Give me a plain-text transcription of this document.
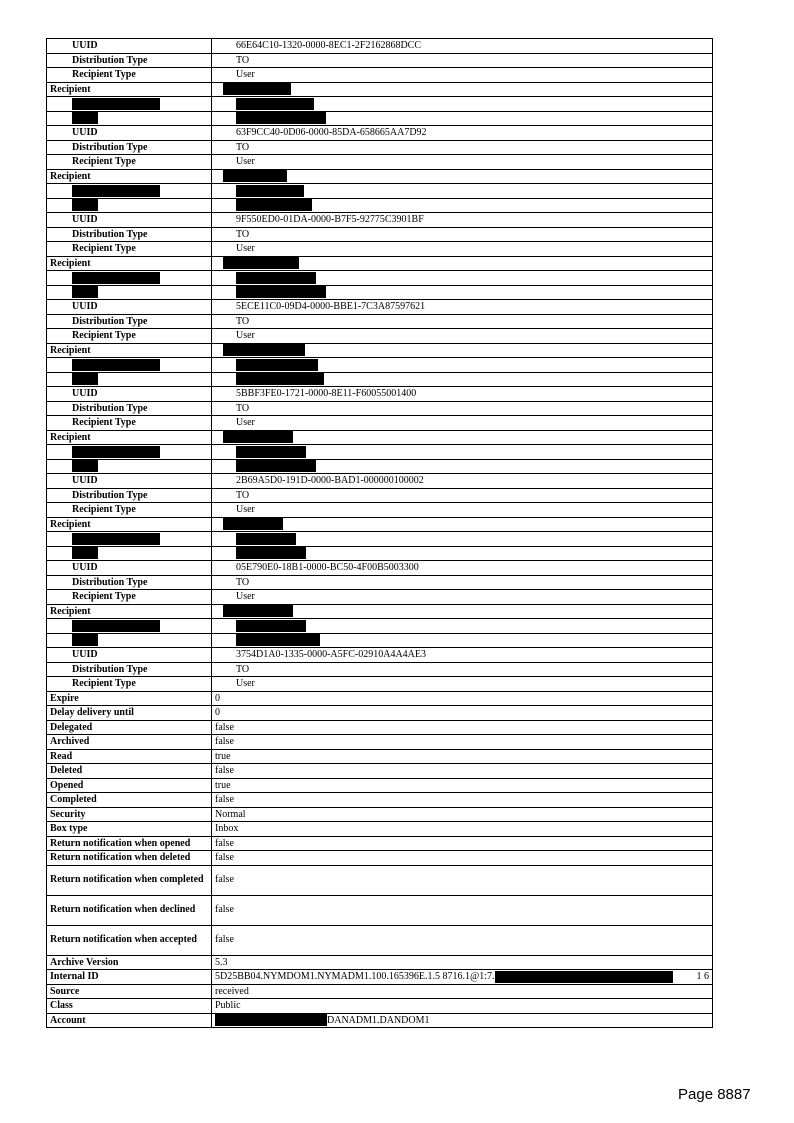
UUID	66E64C10-1320-0000-8EC1-2F2162868DCC
Distribution Type	TO
Recipient Type	User
Recipient	

UUID	63F9CC40-0D06-0000-85DA-658665AA7D92
Distribution Type	TO
Recipient Type	User
Recipient	

UUID	9F550ED0-01DA-0000-B7F5-92775C3901BF
Distribution Type	TO
Recipient Type	User
Recipient	

UUID	5ECE11C0-09D4-0000-BBE1-7C3A87597621
Distribution Type	TO
Recipient Type	User
Recipient	

UUID	5BBF3FE0-1721-0000-8E11-F60055001400
Distribution Type	TO
Recipient Type	User
Recipient	

UUID	2B69A5D0-191D-0000-BAD1-000000100002
Distribution Type	TO
Recipient Type	User
Recipient	

UUID	05E790E0-18B1-0000-BC50-4F00B5003300
Distribution Type	TO
Recipient Type	User
Recipient	

UUID	3754D1A0-1335-0000-A5FC-02910A4A4AE3
Distribution Type	TO
Recipient Type	User
Expire	0
Delay delivery until	0
Delegated	false
Archived	false
Read	true
Deleted	false
Opened	true
Completed	false
Security	Normal
Box type	Inbox
Return notification when opened	false
Return notification when deleted	false
Return notification when completed	false
Return notification when declined	false
Return notification when accepted	false
Archive Version	5.3
Internal ID	5D25BB04.NYMDOM1.NYMADM1.100.165396E.1.5 8716.1@1:7. 1 6

Source	received
Class	Public
Account	DANADM1.DANDOM1
Page 8887
